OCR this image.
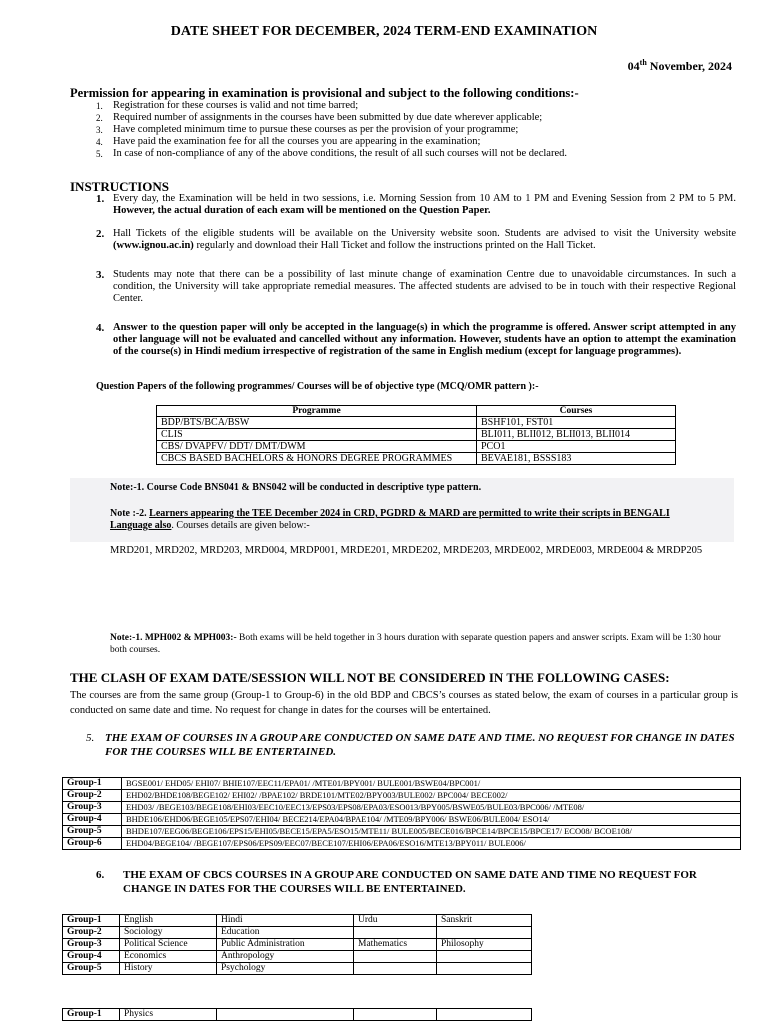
DATE SHEET FOR DECEMBER, 2024 TERM-END EXAMINATION
04th November, 2024
Permission for appearing in examination is provisional and subject to the following conditions:-
1. Registration for these courses is valid and not time barred;
2. Required number of assignments in the courses have been submitted by due date wherever applicable;
3. Have completed minimum time to pursue these courses as per the provision of your programme;
4. Have paid the examination fee for all the courses you are appearing in the examination;
5. In case of non-compliance of any of the above conditions, the result of all such courses will not be declared.
INSTRUCTIONS
1. Every day, the Examination will be held in two sessions, i.e. Morning Session from 10 AM to 1 PM and Evening Session from 2 PM to 5 PM. However, the actual duration of each exam will be mentioned on the Question Paper.
2. Hall Tickets of the eligible students will be available on the University website soon. Students are advised to visit the University website (www.ignou.ac.in) regularly and download their Hall Ticket and follow the instructions printed on the Hall Ticket.
3. Students may note that there can be a possibility of last minute change of examination Centre due to unavoidable circumstances. In such a condition, the University will take appropriate remedial measures. The affected students are advised to be in touch with their respective Regional Center.
4. Answer to the question paper will only be accepted in the language(s) in which the programme is offered. Answer script attempted in any other language will not be evaluated and cancelled without any information. However, students have an option to attempt the examination of the course(s) in Hindi medium irrespective of registration of the same in English medium (except for language programmes).
Question Papers of the following programmes/ Courses will be of objective type (MCQ/OMR pattern ):-
Programme	Courses
BDP/BTS/BCA/BSW	BSHF101, FST01
CLIS	BLI011, BLII012, BLII013, BLII014
CBS/ DVAPFV/ DDT/ DMT/DWM	PCO1
CBCS BASED BACHELORS & HONORS DEGREE PROGRAMMES	BEVAE181, BSSS183
Note:-1. Course Code BNS041 & BNS042 will be conducted in descriptive type pattern.
Note :-2. Learners appearing the TEE December 2024 in CRD, PGDRD & MARD are permitted to write their scripts in BENGALI Language also. Courses details are given below:-
MRD201, MRD202, MRD203, MRD004, MRDP001, MRDE201, MRDE202, MRDE203, MRDE002, MRDE003, MRDE004 & MRDP205
Note:-1. MPH002 & MPH003:- Both exams will be held together in 3 hours duration with separate question papers and answer scripts. Exam will be 1:30 hour both courses.
THE CLASH OF EXAM DATE/SESSION WILL NOT BE CONSIDERED IN THE FOLLOWING CASES:
The courses are from the same group (Group-1 to Group-6) in the old BDP and CBCS’s courses as stated below, the exam of courses in a particular group is conducted on same date and time. No request for change in dates for the courses will be entertained.
5. THE EXAM OF COURSES IN A GROUP ARE CONDUCTED ON SAME DATE AND TIME. NO REQUEST FOR CHANGE IN DATES FOR THE COURSES WILL BE ENTERTAINED.
Group-1	BGSE001/ EHD05/ EHI07/ BHIE107/EEC11/EPA01/ /MTE01/BPY001/ BULE001/BSWE04/BPC001/
Group-2	EHD02/BHDE108/BEGE102/ EHI02/ /BPAE102/ BRDE101/MTE02/BPY003/BULE002/ BPC004/ BECE002/
Group-3	EHD03/ /BEGE103/BEGE108/EHI03/EEC10/EEC13/EPS03/EPS08/EPA03/ESO013/BPY005/BSWE05/BULE03/BPC006/ /MTE08/
Group-4	BHDE106/EHD06/BEGE105/EPS07/EHI04/ BECE214/EPA04/BPAE104/ /MTE09/BPY006/ BSWE06/BULE004/ ESO14/
Group-5	BHDE107/EEG06/BEGE106/EPS15/EHI05/BECE15/EPA5/ESO15/MTE11/ BULE005/BECE016/BPCE14/BPCE15/BPCE17/ ECO08/ BCOE108/
Group-6	EHD04/BEGE104/ /BEGE107/EPS06/EPS09/EEC07/BECE107/EHI06/EPA06/ESO16/MTE13/BPY011/ BULE006/
6. THE EXAM OF CBCS COURSES IN A GROUP ARE CONDUCTED ON SAME DATE AND TIME NO REQUEST FOR CHANGE IN DATES FOR THE COURSES WILL BE ENTERTAINED.
Group-1	English	Hindi	Urdu	Sanskrit
Group-2	Sociology	Education		
Group-3	Political Science	Public Administration	Mathematics	Philosophy
Group-4	Economics	Anthropology		
Group-5	History	Psychology		
Group-1	Physics			
